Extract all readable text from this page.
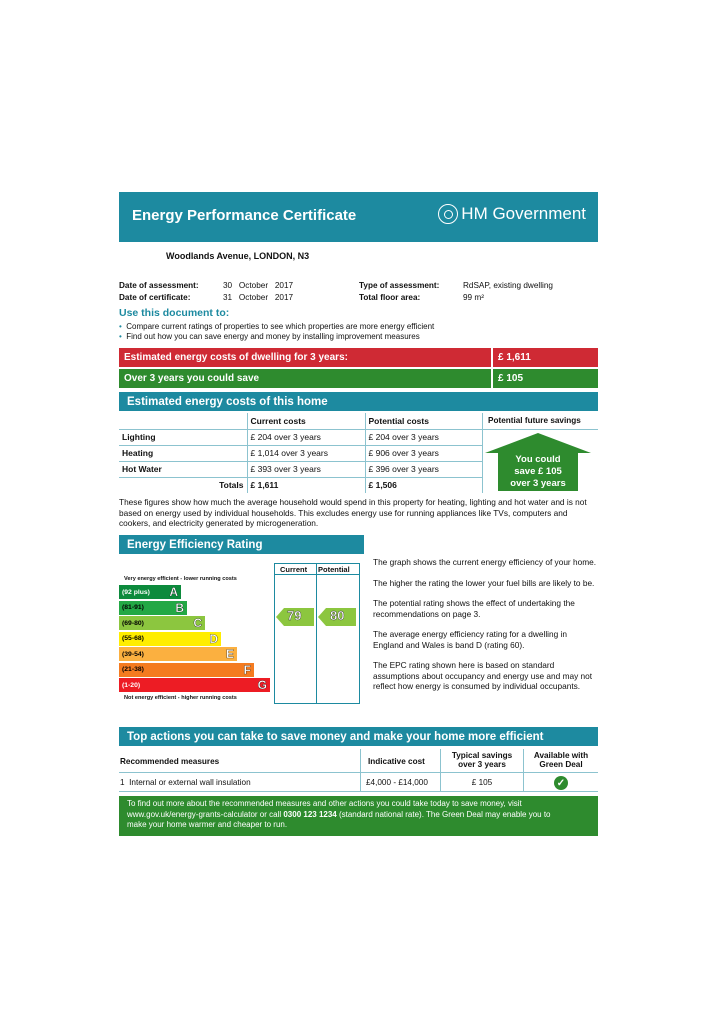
Energy Performance Certificate	HM Government
Woodlands Avenue, LONDON, N3
Date of assessment:	30   October   2017
Date of certificate:	31   October   2017
Type of assessment:	RdSAP, existing dwelling
Total floor area:	99 m²
Use this document to:
• Compare current ratings of properties to see which properties are more energy efficient
• Find out how you can save energy and money by installing improvement measures
Estimated energy costs of dwelling for 3 years:	£ 1,611
Over 3 years you could save	£ 105
Estimated energy costs of this home
	Current costs	Potential costs
Lighting	£ 204 over 3 years	£ 204 over 3 years
Heating	£ 1,014 over 3 years	£ 906 over 3 years
Hot Water	£ 393 over 3 years	£ 396 over 3 years
Totals	£ 1,611	£ 1,506
Potential future savings
You could
save £ 105
over 3 years
These figures show how much the average household would spend in this property for heating, lighting and hot water and is not based on energy used by individual households. This excludes energy use for running appliances like TVs, computers and cookers, and electricity generated by microgeneration.
Energy Efficiency Rating
Very energy efficient - lower running costs
(92 plus) A
(81-91)	B
(69-80)	C
(55-68)	D
(39-54)	E
(21-38)	F
(1-20)	G
Not energy efficient - higher running costs
Current Potential
79 80

The graph shows the current energy efficiency of your home.

The higher the rating the lower your fuel bills are likely to be.

The potential rating shows the effect of undertaking the recommendations on page 3.

The average energy efficiency rating for a dwelling in England and Wales is band D (rating 60).

The EPC rating shown here is based on standard assumptions about occupancy and energy use and may not reflect how energy is consumed by individual occupants.

Top actions you can take to save money and make your home more efficient
Recommended measures	Indicative cost
Typical savings
over 3 years
Available with
Green Deal
1 Internal or external wall insulation	£4,000 - £14,000	£ 105	✓
To find out more about the recommended measures and other actions you could take today to save money, visit
www.gov.uk/energy-grants-calculator or call 0300 123 1234 (standard national rate). The Green Deal may enable you to
make your home warmer and cheaper to run.
